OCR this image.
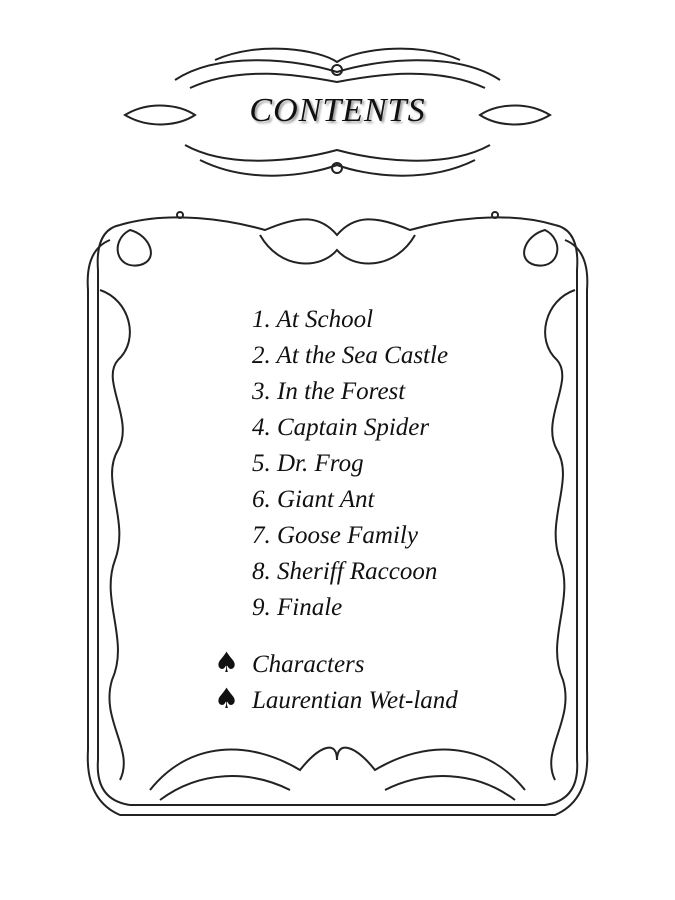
CONTENTS
1. At School
2. At the Sea Castle
3. In the Forest
4. Captain Spider
5. Dr. Frog
6. Giant Ant
7. Goose Family
8. Sheriff Raccoon
9. Finale
♠ Characters
♠ Laurentian Wet-land
